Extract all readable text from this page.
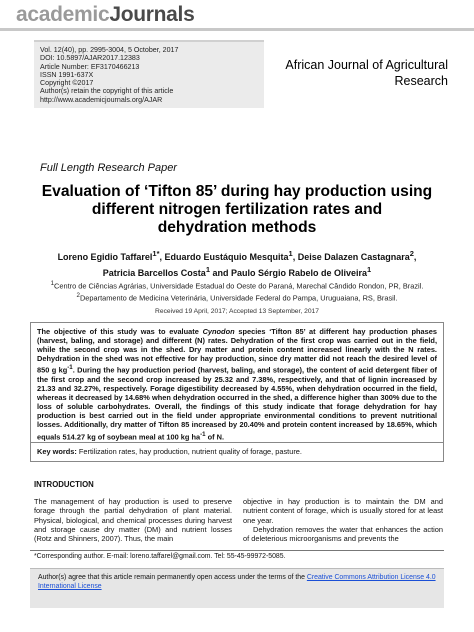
academicJournals
Vol. 12(40), pp. 2995-3004, 5 October, 2017
DOI: 10.5897/AJAR2017.12383
Article Number: EF3170466213
ISSN 1991-637X
Copyright ©2017
Author(s) retain the copyright of this article
http://www.academicjournals.org/AJAR
African Journal of Agricultural
Research
Full Length Research Paper
Evaluation of ‘Tifton 85’ during hay production using
different nitrogen fertilization rates and
dehydration methods
Loreno Egidio Taffarel$^{1*}$, Eduardo Eustáquio Mesquita$^1$, Deise Dalazen Castagnara$^2$,
Patricia Barcellos Costa$^1$ and Paulo Sérgio Rabelo de Oliveira$^1$
$^1$Centro de Ciências Agrárias, Universidade Estadual do Oeste do Paraná, Marechal Cândido Rondon, PR, Brazil.
$^2$Departamento de Medicina Veterinária, Universidade Federal do Pampa, Uruguaiana, RS, Brasil.
Received 19 April, 2017; Accepted 13 September, 2017

The objective of this study was to evaluate Cynodon species ‘Tifton 85’ at different hay production phases (harvest, baling, and storage) and different (N) rates. Dehydration of the first crop was carried out in the field, while the second crop was in the shed. Dry matter and protein content increased linearly with the N rates. Dehydration in the shed was not effective for hay production, since dry matter did not reach the desired level of 850 g $kg^{-1}$. During the hay production period (harvest, baling, and storage), the content of acid detergent fiber of the first crop and the second crop increased by 25.32 and 7.38%, respectively, and that of lignin increased by 21.33 and 32.27%, respectively. Forage digestibility decreased by 4.55%, when dehydration occurred in the field, whereas it decreased by 14.68% when dehydration occurred in the shed, a difference higher than 300% due to the loss of soluble carbohydrates. Overall, the findings of this study indicate that forage dehydration for hay production is best carried out in the field under appropriate environmental conditions to prevent nutritional losses. Additionally, dry matter of Tifton 85 increased by 20.40% and protein content increased by 18.65%, which equals 514.27 kg of soybean meal at 100 kg $ha^{-1}$ of N.

Key words: Fertilization rates, hay production, nutrient quality of forage, pasture.
INTRODUCTION

The management of hay production is used to preserve forage through the partial dehydration of plant material. Physical, biological, and chemical processes during harvest and storage cause dry matter (DM) and nutrient losses (Rotz and Shinners, 2007). Thus, the main

objective in hay production is to maintain the DM and nutrient content of forage, which is usually stored for at least one year.

Dehydration removes the water that enhances the action of deleterious microorganisms and prevents the

*Corresponding author. E-mail: loreno.taffarel@gmail.com. Tel: 55-45-99972-5085.

Author(s) agree that this article remain permanently open access under the terms of the Creative Commons Attribution License 4.0 International License
